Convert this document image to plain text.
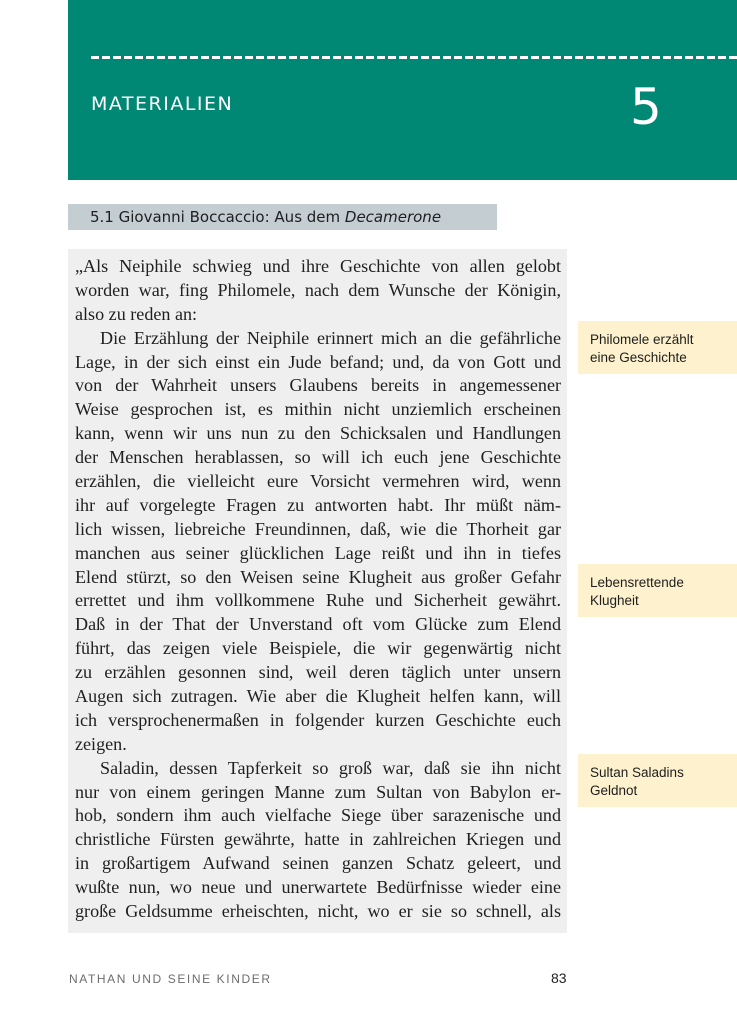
MATERIALIEN	5
5.1 Giovanni Boccaccio: Aus dem Decamerone
„Als Neiphile schwieg und ihre Geschichte von allen gelobt
worden war, fing Philomele, nach dem Wunsche der Königin,
also zu reden an:
Die Erzählung der Neiphile erinnert mich an die gefährliche
Lage, in der sich einst ein Jude befand; und, da von Gott und
von der Wahrheit unsers Glaubens bereits in angemessener
Weise gesprochen ist, es mithin nicht unziemlich erscheinen
kann, wenn wir uns nun zu den Schicksalen und Handlungen
der Menschen herablassen, so will ich euch jene Geschichte
erzählen, die vielleicht eure Vorsicht vermehren wird, wenn
ihr auf vorgelegte Fragen zu antworten habt. Ihr müßt näm-
lich wissen, liebreiche Freundinnen, daß, wie die Thorheit gar
manchen aus seiner glücklichen Lage reißt und ihn in tiefes
Elend stürzt, so den Weisen seine Klugheit aus großer Gefahr
errettet und ihm vollkommene Ruhe und Sicherheit gewährt.
Daß in der That der Unverstand oft vom Glücke zum Elend
führt, das zeigen viele Beispiele, die wir gegenwärtig nicht
zu erzählen gesonnen sind, weil deren täglich unter unsern
Augen sich zutragen. Wie aber die Klugheit helfen kann, will
ich versprochenermaßen in folgender kurzen Geschichte euch
zeigen.
Saladin, dessen Tapferkeit so groß war, daß sie ihn nicht
nur von einem geringen Manne zum Sultan von Babylon er-
hob, sondern ihm auch vielfache Siege über sarazenische und
christliche Fürsten gewährte, hatte in zahlreichen Kriegen und
in großartigem Aufwand seinen ganzen Schatz geleert, und
wußte nun, wo neue und unerwartete Bedürfnisse wieder eine
große Geldsumme erheischten, nicht, wo er sie so schnell, als
Philomele erzählt
eine Geschichte
Lebensrettende
Klugheit
Sultan Saladins
Geldnot
NATHAN UND SEINE KINDER	83
